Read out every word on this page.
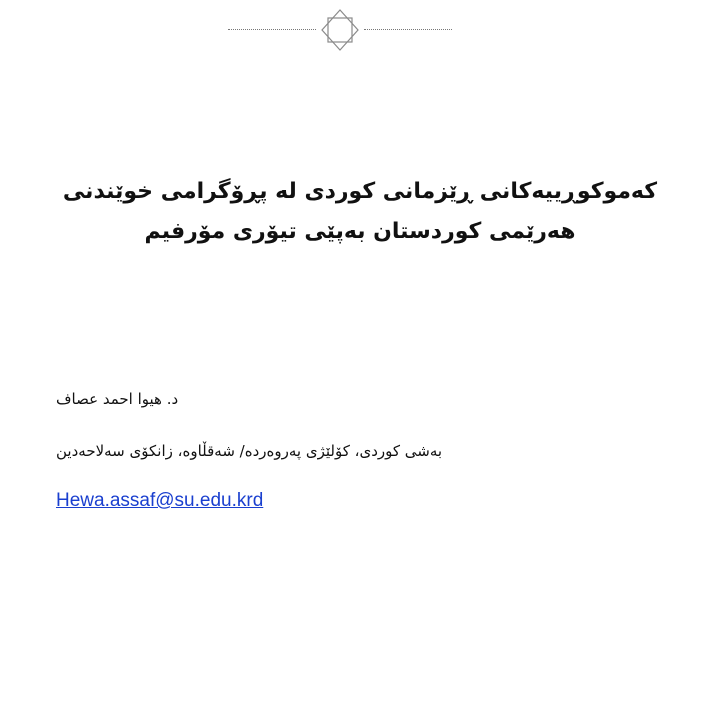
کەموکوڕییەکانی ڕێزمانی کوردی لە پڕۆگرامی خوێندنی
هەرێمی کوردستان بەپێی تیۆری مۆرفیم
د. هیوا احمد عصاف
بەشی کوردی، کۆلێژی پەروەردە/ شەقڵاوە، زانکۆی سەلاحەدین
Hewa.assaf@su.edu.krd
